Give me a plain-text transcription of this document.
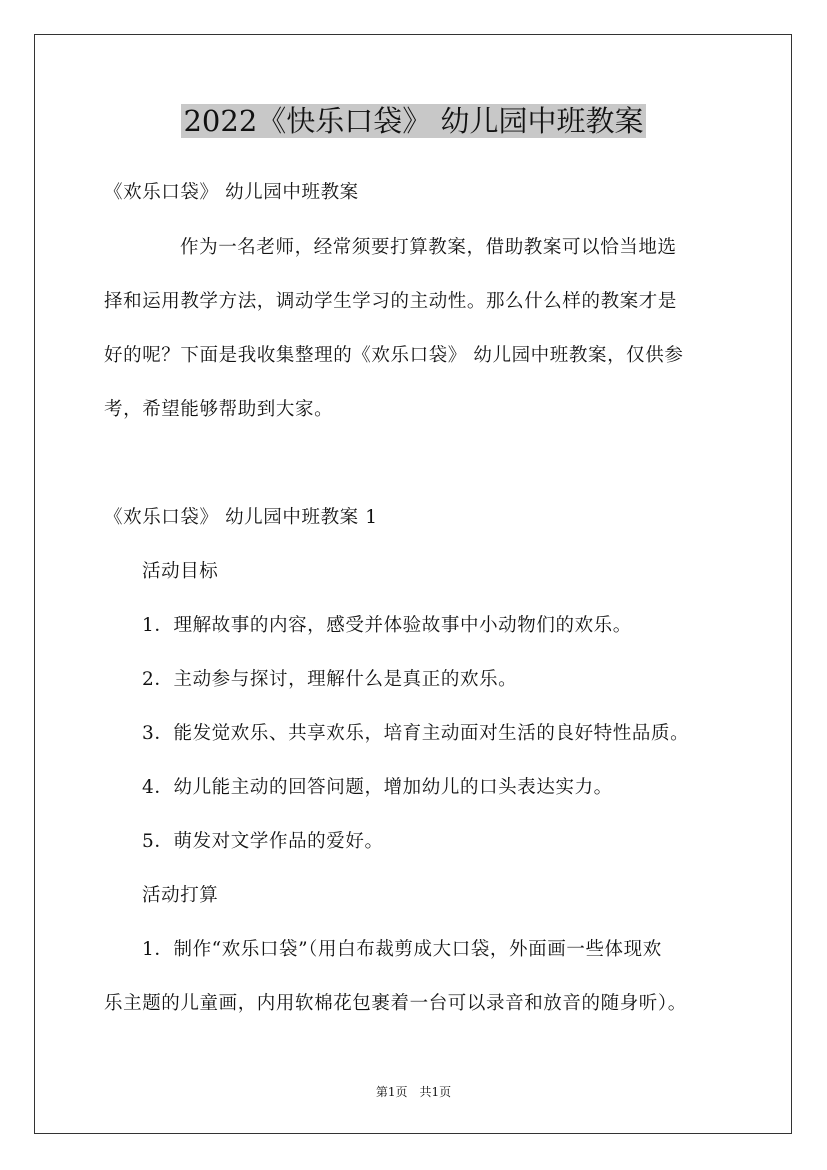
2022《快乐口袋》 幼儿园中班教案
《欢乐口袋》 幼儿园中班教案
作为一名老师，经常须要打算教案，借助教案可以恰当地选
择和运用教学方法，调动学生学习的主动性。那么什么样的教案才是
好的呢？下面是我收集整理的《欢乐口袋》 幼儿园中班教案，仅供参
考，希望能够帮助到大家。
《欢乐口袋》 幼儿园中班教案 1
活动目标
1．理解故事的内容，感受并体验故事中小动物们的欢乐。
2．主动参与探讨，理解什么是真正的欢乐。
3．能发觉欢乐、共享欢乐，培育主动面对生活的良好特性品质。
4．幼儿能主动的回答问题，增加幼儿的口头表达实力。
5．萌发对文学作品的爱好。
活动打算
1．制作“欢乐口袋”（用白布裁剪成大口袋，外面画一些体现欢
乐主题的儿童画，内用软棉花包裹着一台可以录音和放音的随身听）。
第1页　共1页
